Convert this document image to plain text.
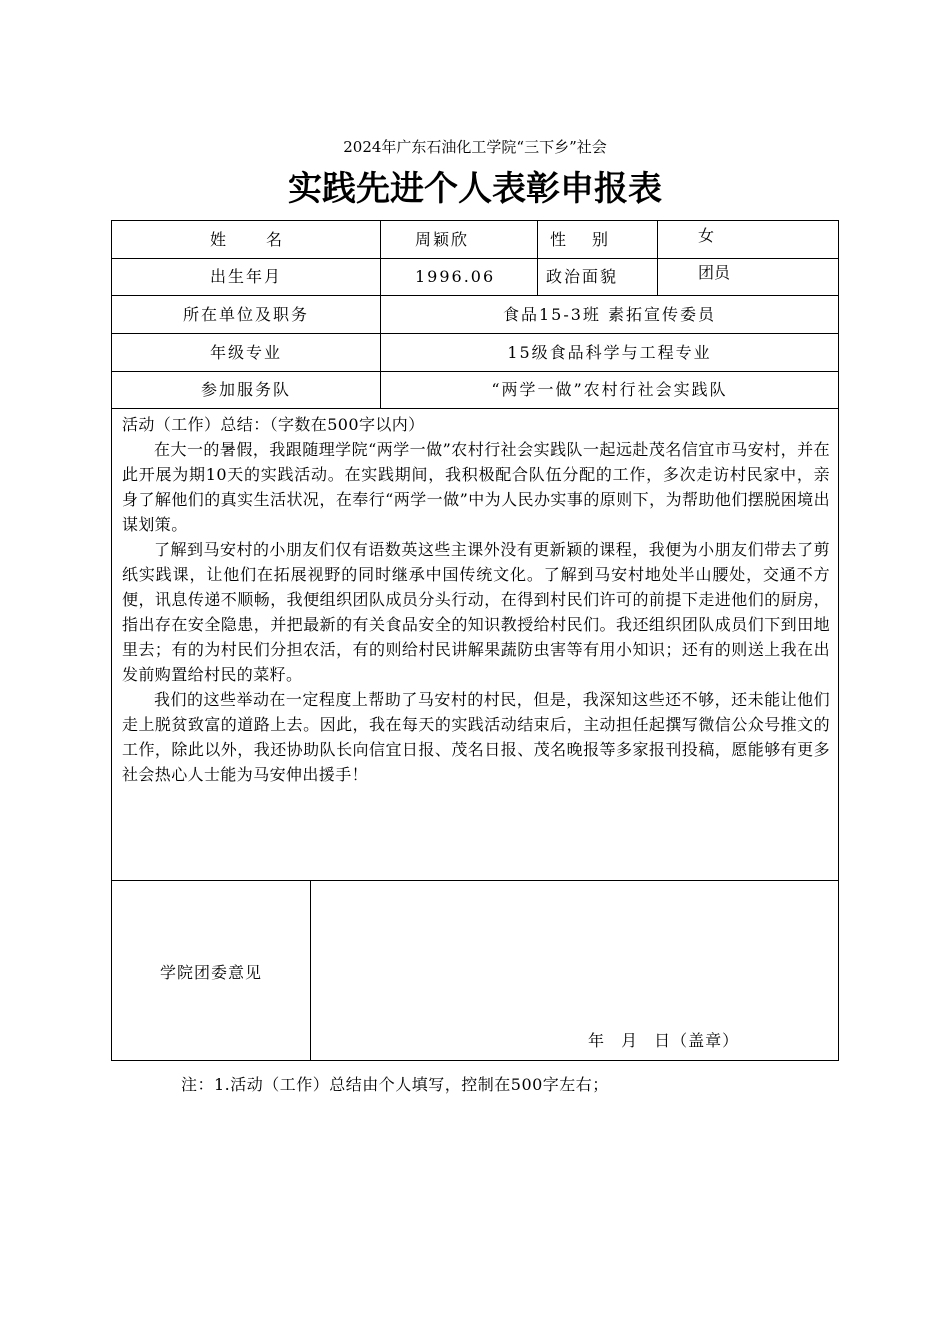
2024年广东石油化工学院“三下乡”社会
实践先进个人表彰申报表
姓名	周颖欣	性别	女
出生年月	1996.06	政治面貌	团员
所在单位及职务	食品15-3班 素拓宣传委员
年级专业	15级食品科学与工程专业
参加服务队	“两学一做”农村行社会实践队

活动（工作）总结：（字数在500字以内）

在大一的暑假，我跟随理学院“两学一做”农村行社会实践队一起远赴茂名信宜市马安村，并在此开展为期10天的实践活动。在实践期间，我积极配合队伍分配的工作，多次走访村民家中，亲身了解他们的真实生活状况，在奉行“两学一做”中为人民办实事的原则下，为帮助他们摆脱困境出谋划策。

了解到马安村的小朋友们仅有语数英这些主课外没有更新颖的课程，我便为小朋友们带去了剪纸实践课，让他们在拓展视野的同时继承中国传统文化。了解到马安村地处半山腰处，交通不方便，讯息传递不顺畅，我便组织团队成员分头行动，在得到村民们许可的前提下走进他们的厨房，指出存在安全隐患，并把最新的有关食品安全的知识教授给村民们。我还组织团队成员们下到田地里去；有的为村民们分担农活，有的则给村民讲解果蔬防虫害等有用小知识；还有的则送上我在出发前购置给村民的菜籽。

我们的这些举动在一定程度上帮助了马安村的村民，但是，我深知这些还不够，还未能让他们走上脱贫致富的道路上去。因此，我在每天的实践活动结束后，主动担任起撰写微信公众号推文的工作，除此以外，我还协助队长向信宜日报、茂名日报、茂名晚报等多家报刊投稿，愿能够有更多社会热心人士能为马安伸出援手！

学院团委意见
年 月 日（盖章）
注：1.活动（工作）总结由个人填写，控制在500字左右；
